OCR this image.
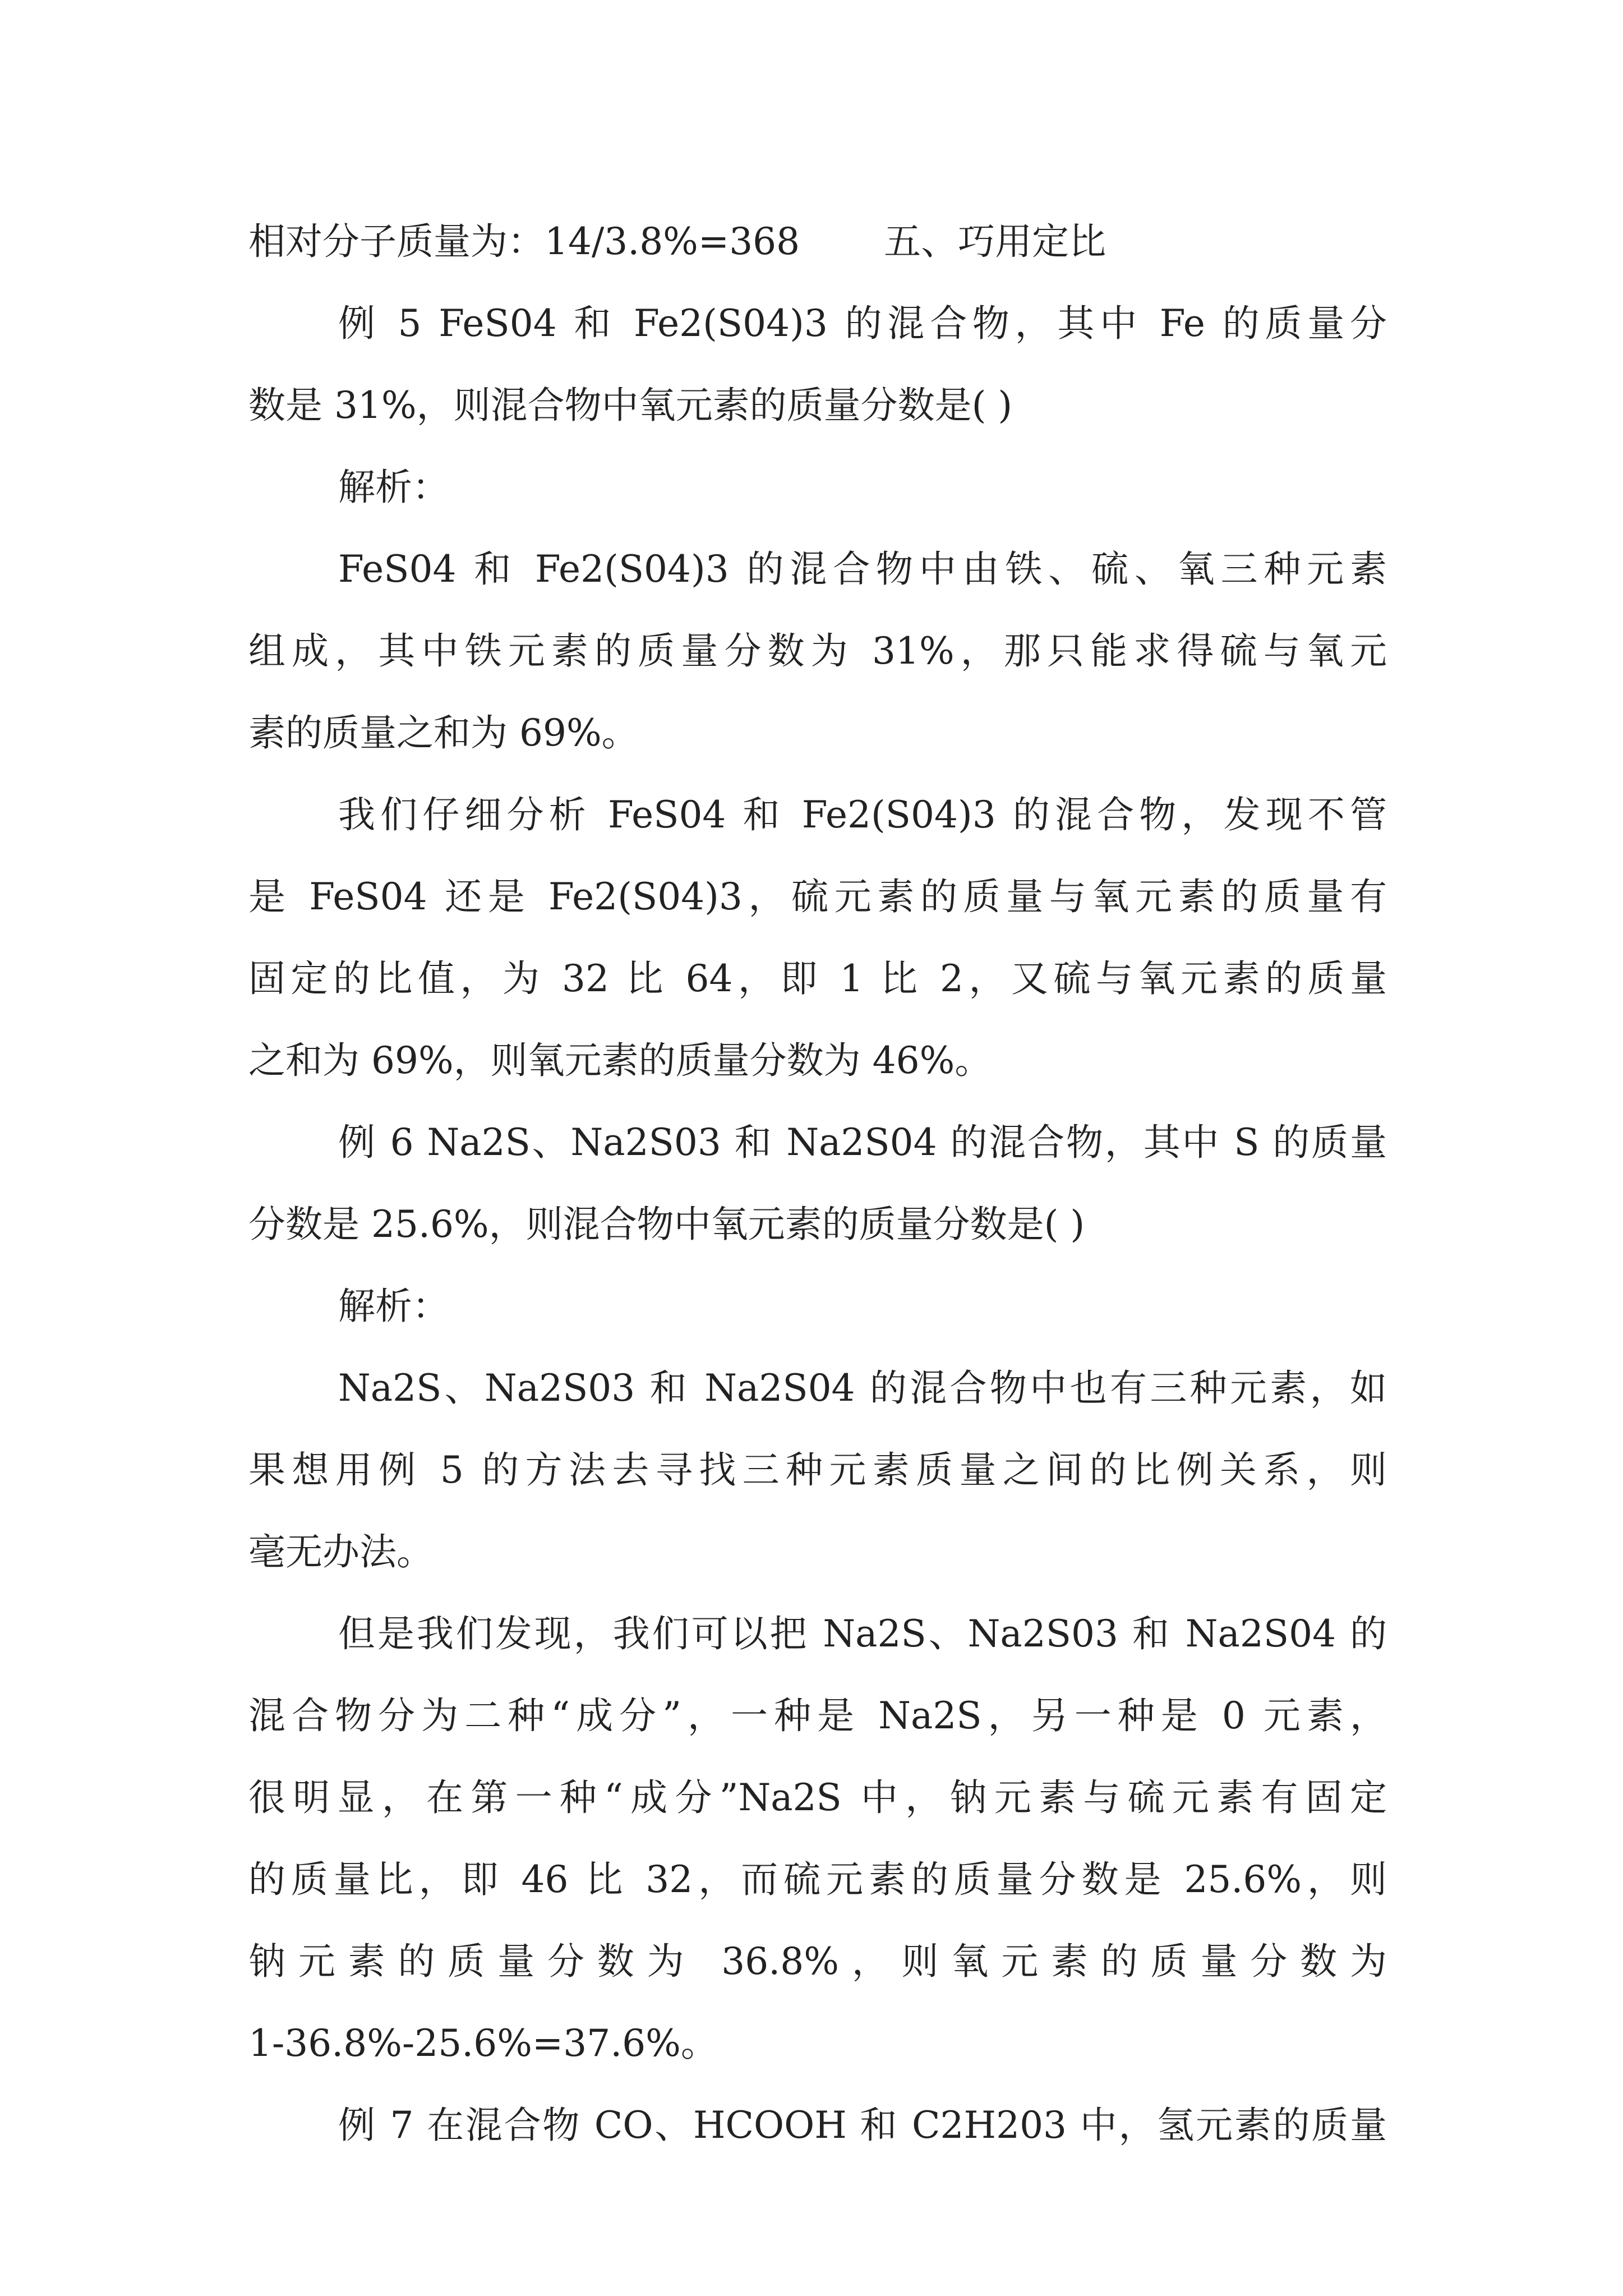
相对分子质量为：14/3.8%=368 五、巧用定比
例 5 FeS04 和 Fe2(S04)3 的混合物，其中 Fe 的质量分
数是 31%，则混合物中氧元素的质量分数是( )
解析：
FeS04 和 Fe2(S04)3 的混合物中由铁、硫、氧三种元素
组成，其中铁元素的质量分数为 31%，那只能求得硫与氧元
素的质量之和为 69%。
我们仔细分析 FeS04 和 Fe2(S04)3 的混合物，发现不管
是 FeS04 还是 Fe2(S04)3，硫元素的质量与氧元素的质量有
固定的比值，为 32 比 64，即 1 比 2，又硫与氧元素的质量
之和为 69%，则氧元素的质量分数为 46%。
例 6 Na2S、Na2S03 和 Na2S04 的混合物，其中 S 的质量
分数是 25.6%，则混合物中氧元素的质量分数是( )
解析：
Na2S、Na2S03 和 Na2S04 的混合物中也有三种元素，如
果想用例 5 的方法去寻找三种元素质量之间的比例关系，则
毫无办法。
但是我们发现，我们可以把 Na2S、Na2S03 和 Na2S04 的
混合物分为二种“成分”，一种是 Na2S，另一种是 0 元素，
很明显，在第一种“成分”Na2S 中，钠元素与硫元素有固定
的质量比，即 46 比 32，而硫元素的质量分数是 25.6%，则
钠元素的质量分数为 36.8%，则氧元素的质量分数为
1-36.8%-25.6%=37.6%。
例 7 在混合物 CO、HCOOH 和 C2H203 中，氢元素的质量
